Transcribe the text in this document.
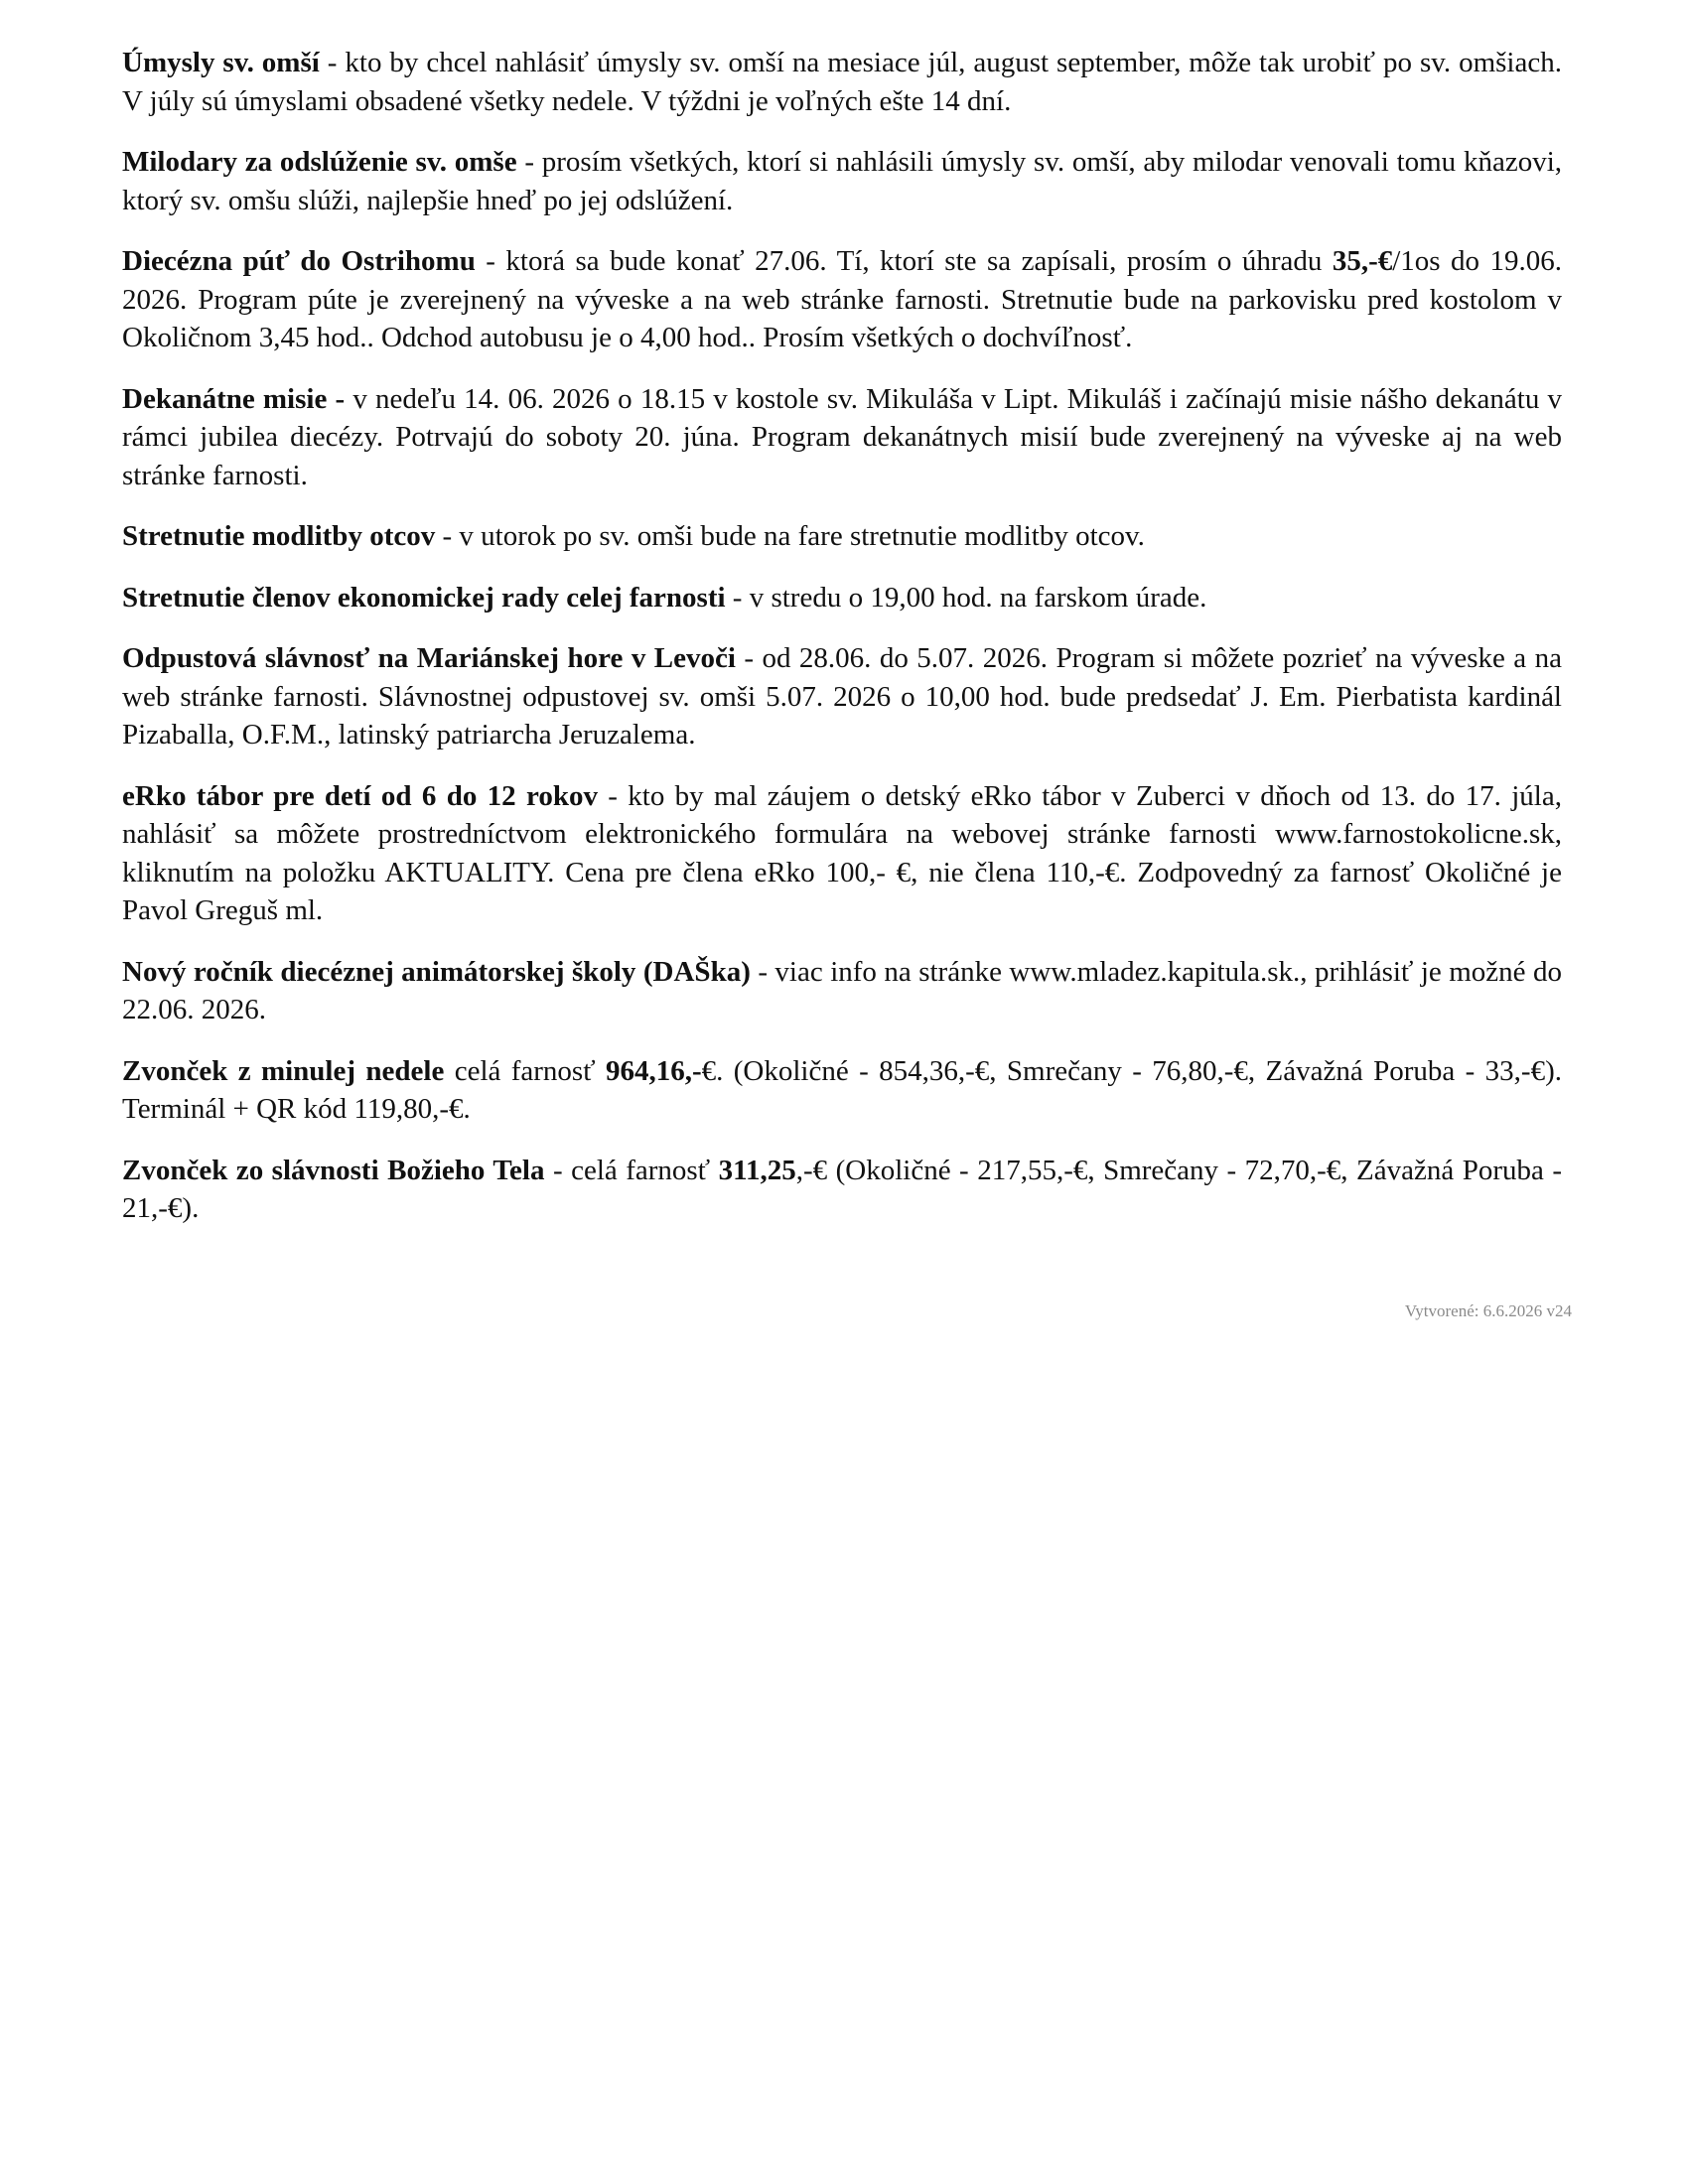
Úmysly sv. omší - kto by chcel nahlásiť úmysly sv. omší na mesiace júl, august september, môže tak urobiť po sv. omšiach. V júly sú úmyslami obsadené všetky nedele. V týždni je voľných ešte 14 dní.

Milodary za odslúženie sv. omše - prosím všetkých, ktorí si nahlásili úmysly sv. omší, aby milodar venovali tomu kňazovi, ktorý sv. omšu slúži, najlepšie hneď po jej odslúžení.

Diecézna púť do Ostrihomu - ktorá sa bude konať 27.06. Tí, ktorí ste sa zapísali, prosím o úhradu 35,-€/1os do 19.06. 2026. Program púte je zverejnený na výveske a na web stránke farnosti. Stretnutie bude na parkovisku pred kostolom v Okoličnom 3,45 hod.. Odchod autobusu je o 4,00 hod.. Prosím všetkých o dochvíľnosť.

Dekanátne misie - v nedeľu 14. 06. 2026 o 18.15 v kostole sv. Mikuláša v Lipt. Mikuláš i začínajú misie nášho dekanátu v rámci jubilea diecézy. Potrvajú do soboty 20. júna. Program dekanátnych misií bude zverejnený na výveske aj na web stránke farnosti.

Stretnutie modlitby otcov - v utorok po sv. omši bude na fare stretnutie modlitby otcov.

Stretnutie členov ekonomickej rady celej farnosti - v stredu o 19,00 hod. na farskom úrade.

Odpustová slávnosť na Mariánskej hore v Levoči - od 28.06. do 5.07. 2026. Program si môžete pozrieť na výveske a na web stránke farnosti. Slávnostnej odpustovej sv. omši 5.07. 2026 o 10,00 hod. bude predsedať J. Em. Pierbatista kardinál Pizaballa, O.F.M., latinský patriarcha Jeruzalema.

eRko tábor pre detí od 6 do 12 rokov - kto by mal záujem o detský eRko tábor v Zuberci v dňoch od 13. do 17. júla, nahlásiť sa môžete prostredníctvom elektronického formulára na webovej stránke farnosti www.farnostokolicne.sk, kliknutím na položku AKTUALITY. Cena pre člena eRko 100,- €, nie člena 110,-€. Zodpovedný za farnosť Okoličné je Pavol Greguš ml.

Nový ročník diecéznej animátorskej školy (DAŠka) - viac info na stránke www.mladez.kapitula.sk., prihlásiť je možné do 22.06. 2026.

Zvonček z minulej nedele celá farnosť 964,16,-€. (Okoličné - 854,36,-€, Smrečany - 76,80,-€, Závažná Poruba - 33,-€). Terminál + QR kód 119,80,-€.

Zvonček zo slávnosti Božieho Tela - celá farnosť 311,25,-€ (Okoličné - 217,55,-€, Smrečany - 72,70,-€, Závažná Poruba - 21,-€).

Vytvorené: 6.6.2026 v24
